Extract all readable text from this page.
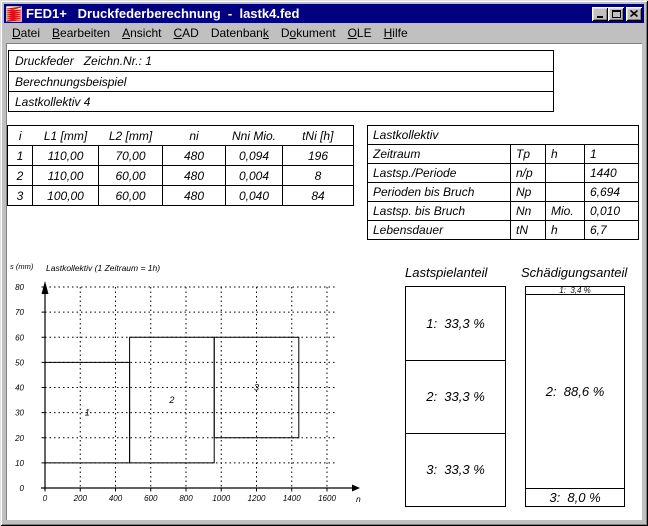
FED1+   Druckfederberechnung  -  lastk4.fed
Datei	Bearbeiten	Ansicht	CAD	Datenbank	Dokument	OLE	Hilfe
Druckfeder   Zeichn.Nr.: 1
Berechnungsbeispiel
Lastkollektiv 4
i	L1 [mm]	L2 [mm]	ni	Nni Mio.	tNi [h]
1	110,00	70,00	480	0,094	196
2	110,00	60,00	480	0,004	8
3	100,00	60,00	480	0,040	84
Lastkollektiv			
Zeitraum	Tp	h	1
Lastsp./Periode	n/p		1440
Perioden bis Bruch	Np		6,694
Lastsp. bis Bruch	Nn	Mio.	0,010
Lebensdauer	tN	h	6,7
1
2
3
0	200	400	600	800 1000 1200 1400 1600
0
10
20
30
40
50
60
70
80
Lastkollektiv (1 Zeitraum = 1h)
s (mm)
n
Lastspielanteil
1:  33,3 %
2:  33,3 %
3:  33,3 %
Schädigungsanteil
1:  3,4 %
2:  88,6 %
3:  8,0 %
